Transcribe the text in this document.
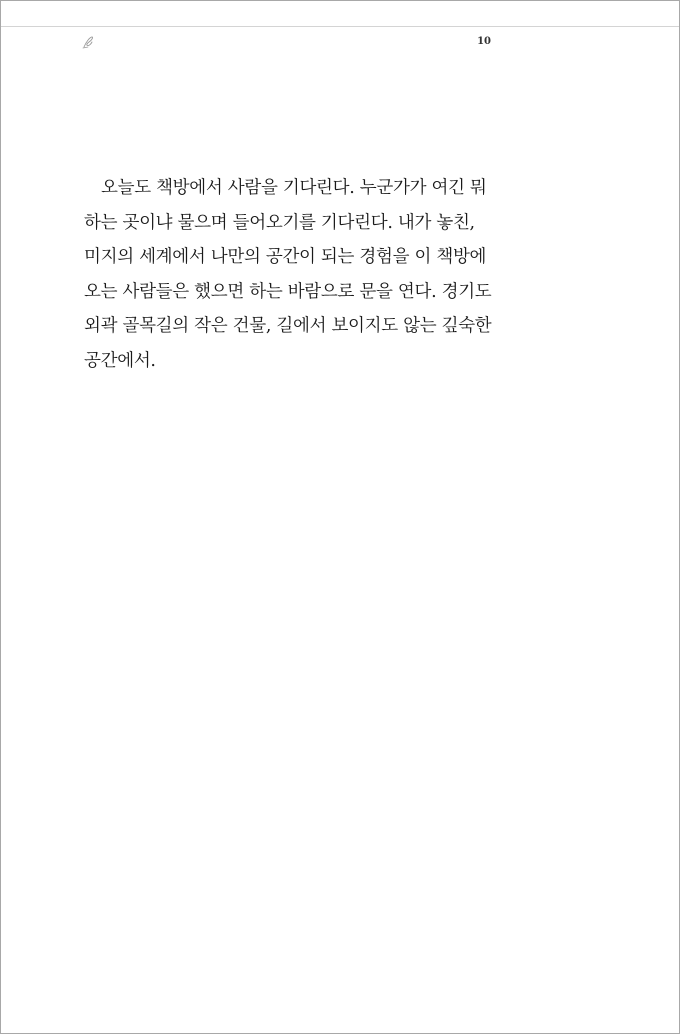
10

오늘도 책방에서 사람을 기다린다. 누군가가 여긴 뭐
하는 곳이냐 물으며 들어오기를 기다린다. 내가 놓친,
미지의 세계에서 나만의 공간이 되는 경험을 이 책방에
오는 사람들은 했으면 하는 바람으로 문을 연다. 경기도
외곽 골목길의 작은 건물, 길에서 보이지도 않는 깊숙한
공간에서.
